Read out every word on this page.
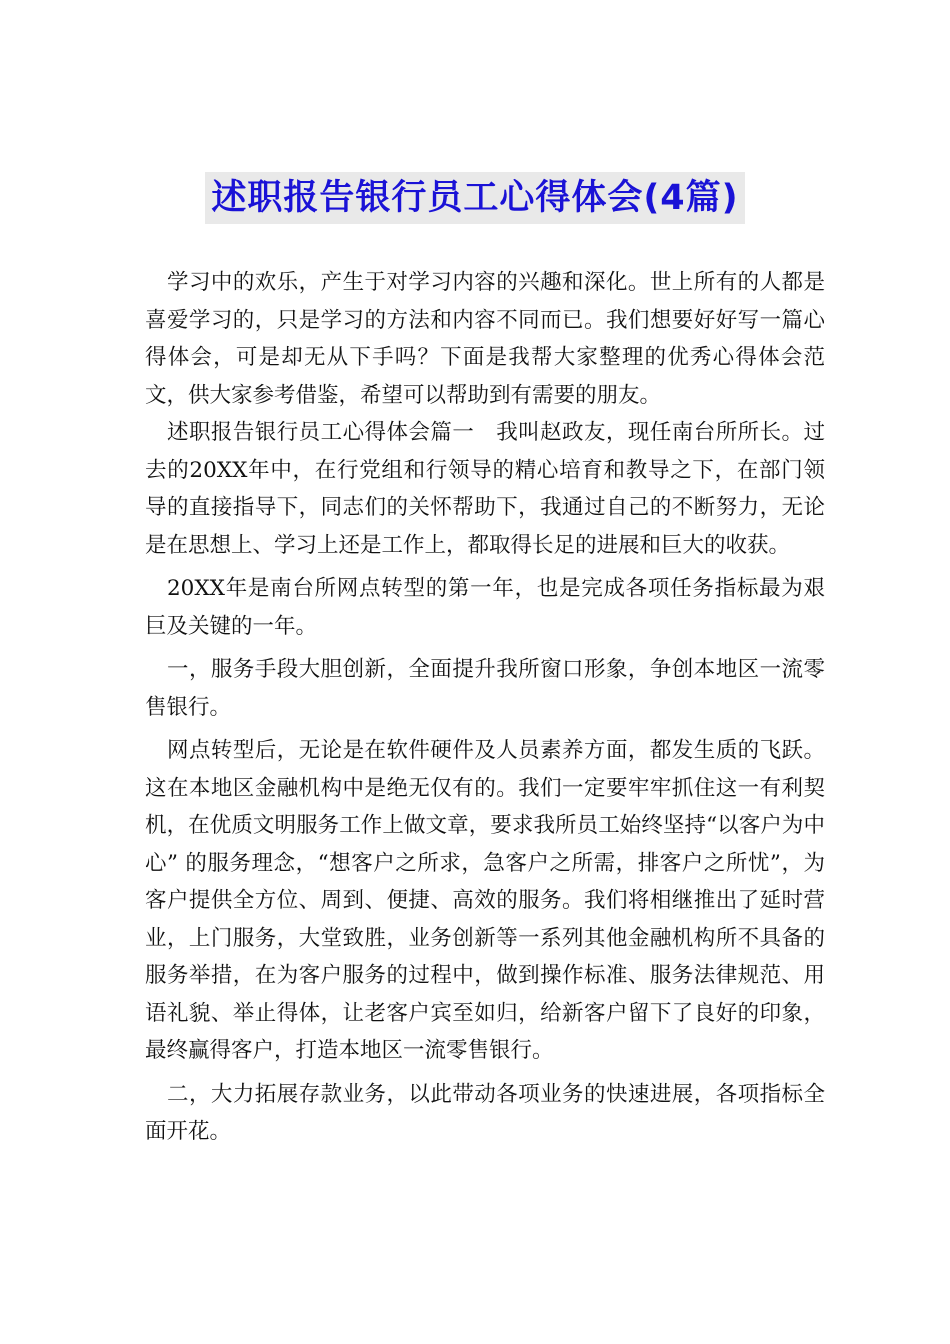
述职报告银行员工心得体会(4篇)

学习中的欢乐，产生于对学习内容的兴趣和深化。世上所有的人都是喜爱学习的，只是学习的方法和内容不同而已。我们想要好好写一篇心得体会，可是却无从下手吗？下面是我帮大家整理的优秀心得体会范文，供大家参考借鉴，希望可以帮助到有需要的朋友。

述职报告银行员工心得体会篇一　我叫赵政友，现任南台所所长。过去的20XX年中，在行党组和行领导的精心培育和教导之下，在部门领导的直接指导下，同志们的关怀帮助下，我通过自己的不断努力，无论是在思想上、学习上还是工作上，都取得长足的进展和巨大的收获。

20XX年是南台所网点转型的第一年，也是完成各项任务指标最为艰巨及关键的一年。

一，服务手段大胆创新，全面提升我所窗口形象，争创本地区一流零售银行。

网点转型后，无论是在软件硬件及人员素养方面，都发生质的飞跃。这在本地区金融机构中是绝无仅有的。我们一定要牢牢抓住这一有利契机，在优质文明服务工作上做文章，要求我所员工始终坚持“以客户为中心” 的服务理念，“想客户之所求，急客户之所需，排客户之所忧”，为客户提供全方位、周到、便捷、高效的服务。我们将相继推出了延时营业，上门服务，大堂致胜，业务创新等一系列其他金融机构所不具备的服务举措，在为客户服务的过程中，做到操作标准、服务法律规范、用语礼貌、举止得体，让老客户宾至如归，给新客户留下了良好的印象，最终赢得客户，打造本地区一流零售银行。

二，大力拓展存款业务，以此带动各项业务的快速进展，各项指标全面开花。
